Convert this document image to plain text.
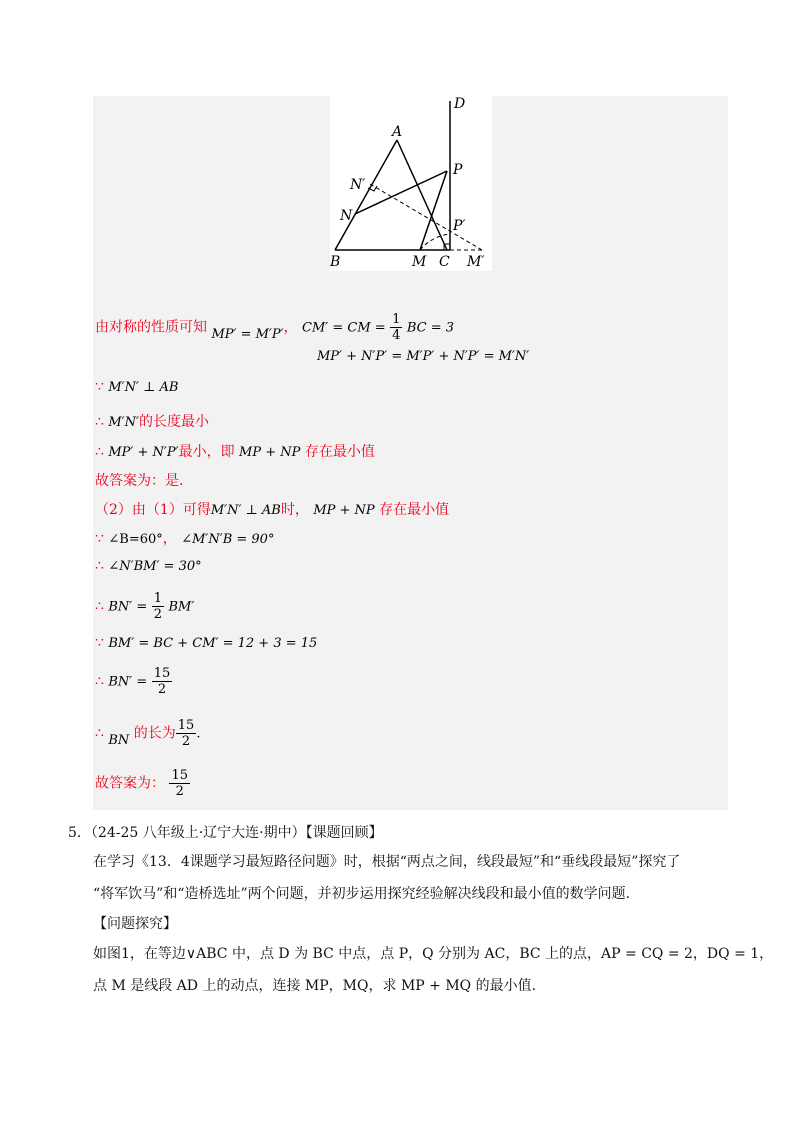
A
B	C
D
M	M′
N
N′
P
P′
由对称的性质可知 MP′ = M′P′， CM′ = CM = $\frac{1}{4}$ BC = 3
MP′ + N′P′ = M′P′ + N′P′ = M′N′
∵ M′N′ ⊥ AB
∴ M′N′的长度最小
∴ MP′ + N′P′最小，即 MP + NP 存在最小值
故答案为：是.
（2）由（1）可得M′N′ ⊥ AB时， MP + NP 存在最小值
∵ ∠B=60°， ∠M′N′B = 90°
∴ ∠N′BM′ = 30°
∴ $BN' = \frac{1}{2} BM'$
∵ BM′ = BC + CM′ = 12 + 3 = 15
∴ $BN' = \frac{15}{2}$
∴ BN 的长为 $\frac{15}{2}$ .
故答案为： $\frac{15}{2}$
5．（24-25 八年级上·辽宁大连·期中）【课题回顾】
在学习《13．4课题学习最短路径问题》时，根据“两点之间，线段最短”和“垂线段最短”探究了
“将军饮马”和“造桥选址”两个问题，并初步运用探究经验解决线段和最小值的数学问题.
【问题探究】
如图1，在等边∨ABC 中，点 D 为 BC 中点，点 P，Q 分别为 AC，BC 上的点，AP = CQ = 2，DQ = 1，
点 M 是线段 AD 上的动点，连接 MP，MQ，求 MP + MQ 的最小值.
